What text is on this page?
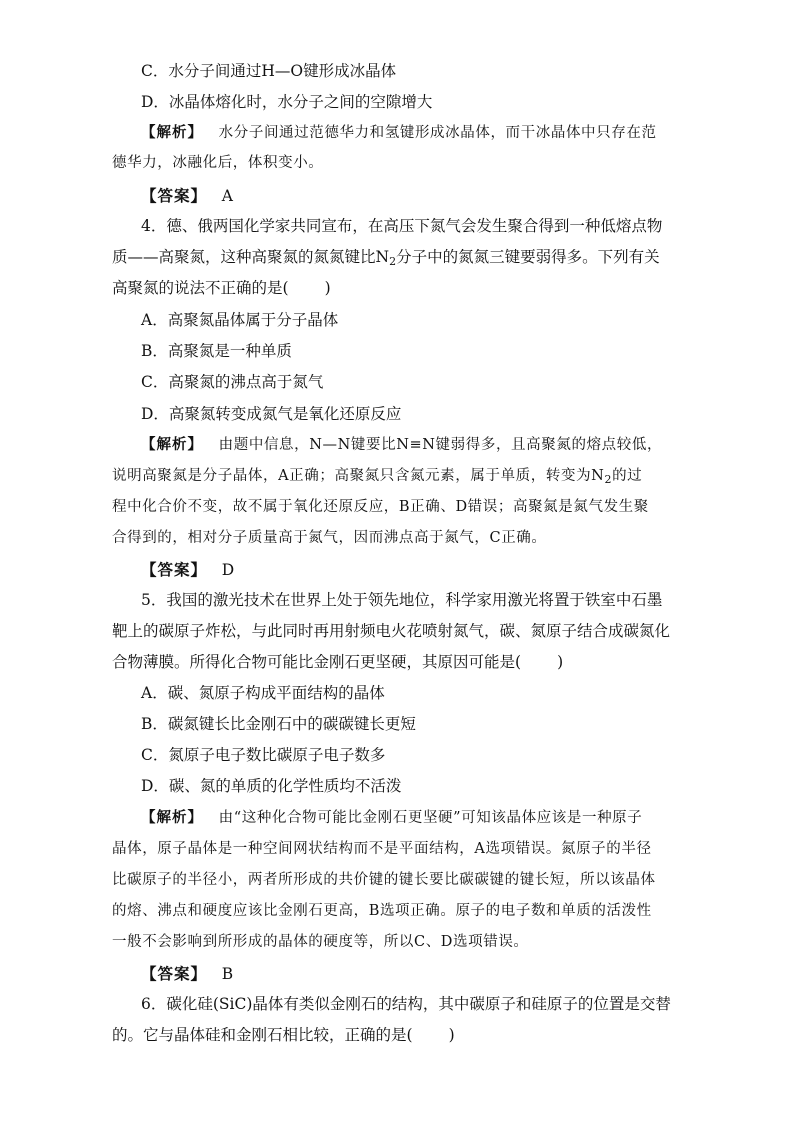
C．水分子间通过H—O键形成冰晶体
D．冰晶体熔化时，水分子之间的空隙增大
【解析】 水分子间通过范德华力和氢键形成冰晶体，而干冰晶体中只存在范
德华力，冰融化后，体积变小。
【答案】 A
4．德、俄两国化学家共同宣布，在高压下氮气会发生聚合得到一种低熔点物
质——高聚氮，这种高聚氮的氮氮键比$N_2$分子中的氮氮三键要弱得多。下列有关
高聚氮的说法不正确的是( )
A．高聚氮晶体属于分子晶体
B．高聚氮是一种单质
C．高聚氮的沸点高于氮气
D．高聚氮转变成氮气是氧化还原反应
【解析】 由题中信息，N—N键要比N≡N键弱得多，且高聚氮的熔点较低，
说明高聚氮是分子晶体，A正确；高聚氮只含氮元素，属于单质，转变为$N_2$的过
程中化合价不变，故不属于氧化还原反应，B正确、D错误；高聚氮是氮气发生聚
合得到的，相对分子质量高于氮气，因而沸点高于氮气，C正确。
【答案】 D
5．我国的激光技术在世界上处于领先地位，科学家用激光将置于铁室中石墨
靶上的碳原子炸松，与此同时再用射频电火花喷射氮气，碳、氮原子结合成碳氮化
合物薄膜。所得化合物可能比金刚石更坚硬，其原因可能是( )
A．碳、氮原子构成平面结构的晶体
B．碳氮键长比金刚石中的碳碳键长更短
C．氮原子电子数比碳原子电子数多
D．碳、氮的单质的化学性质均不活泼
【解析】 由“这种化合物可能比金刚石更坚硬”可知该晶体应该是一种原子
晶体，原子晶体是一种空间网状结构而不是平面结构，A选项错误。氮原子的半径
比碳原子的半径小，两者所形成的共价键的键长要比碳碳键的键长短，所以该晶体
的熔、沸点和硬度应该比金刚石更高，B选项正确。原子的电子数和单质的活泼性
一般不会影响到所形成的晶体的硬度等，所以C、D选项错误。
【答案】 B
6．碳化硅(SiC)晶体有类似金刚石的结构，其中碳原子和硅原子的位置是交替
的。它与晶体硅和金刚石相比较，正确的是( )
